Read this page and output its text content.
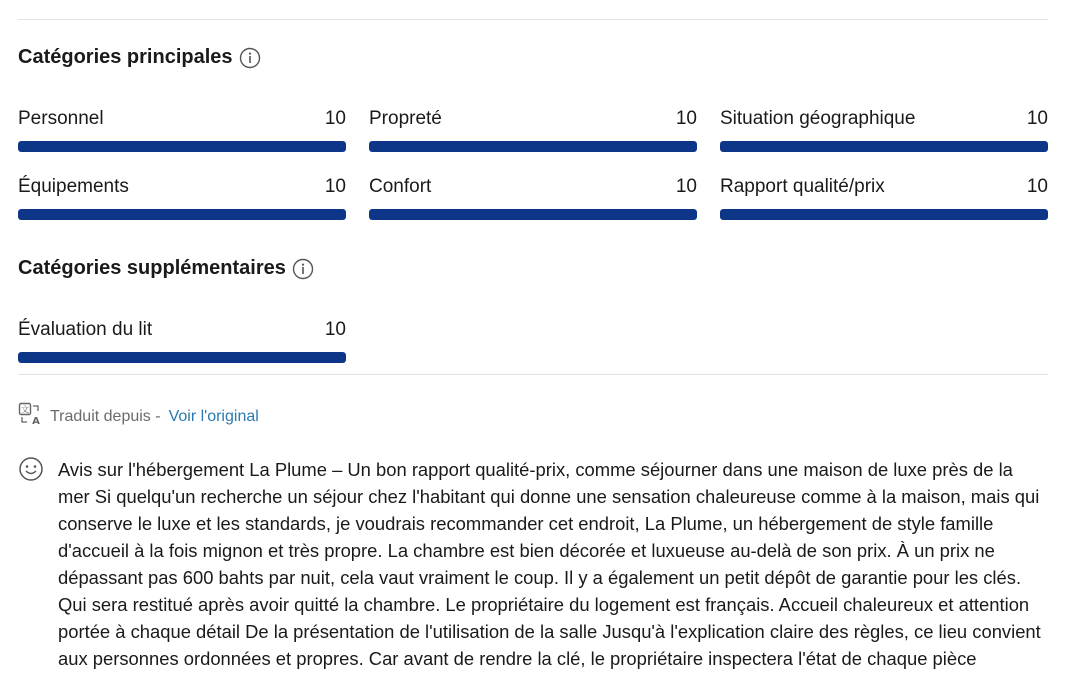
Catégories principales
Personnel	10 Propreté	10 Situation géographique	10
Équipements	10 Confort	10 Rapport qualité/prix	10
Catégories supplémentaires
Évaluation du lit	10
文
A Traduit depuis - Voir l'original

Avis sur l'hébergement La Plume – Un bon rapport qualité-prix, comme séjourner dans une maison de luxe près de la mer Si quelqu'un recherche un séjour chez l'habitant qui donne une sensation chaleureuse comme à la maison, mais qui conserve le luxe et les standards, je voudrais recommander cet endroit, La Plume, un hébergement de style famille d'accueil à la fois mignon et très propre. La chambre est bien décorée et luxueuse au-delà de son prix. À un prix ne dépassant pas 600 bahts par nuit, cela vaut vraiment le coup. Il y a également un petit dépôt de garantie pour les clés. Qui sera restitué après avoir quitté la chambre. Le propriétaire du logement est français. Accueil chaleureux et attention portée à chaque détail De la présentation de l'utilisation de la salle Jusqu'à l'explication claire des règles, ce lieu convient aux personnes ordonnées et propres. Car avant de rendre la clé, le propriétaire inspectera l'état de chaque pièce
